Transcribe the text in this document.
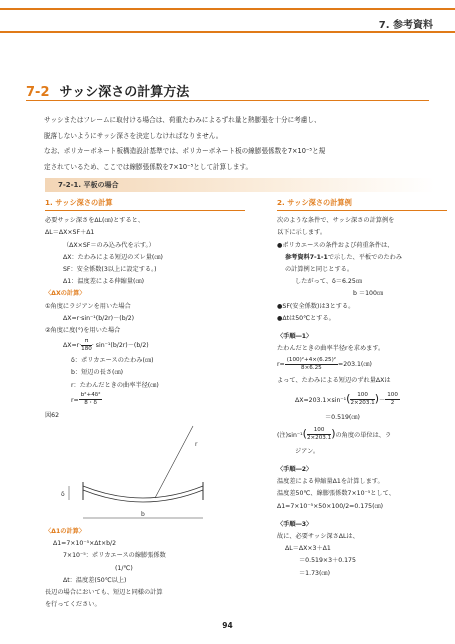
7. 参考資料
7-2 サッシ深さの計算方法
サッシまたはフレームに取付ける場合は、荷重たわみによるずれ量と熱膨張を十分に考慮し、
脱落しないようにサッシ深さを決定しなければなりません。
なお、ポリカーボネート板構造設計基準では、ポリカーボネート板の線膨張係数を7×10⁻⁵と規
定されているため、ここでは線膨張係数を7×10⁻⁵として計算します。
7-2-1. 平板の場合
1. サッシ深さの計算
必要サッシ深さをΔL(㎝)とすると、
ΔL＝ΔX×SF＋Δ1
（ΔX×SF＝のみ込み代を示す。）
ΔX：たわみによる短辺のズレ量(㎝)
SF：安全係数(3以上に設定する。)
Δ1：温度差による伸縮量(㎝)
〈ΔXの計算〉
①角度にラジアンを用いた場合
ΔX=r·sin⁻¹(b/2r)－(b/2)
②角度に度(°)を用いた場合
$\Delta X=r\cdot \frac{\pi}{180}\cdot \sin^{-1}(b/2r)-(b/2)$
δ：ポリカエースのたわみ(㎝)
b：短辺の長さ(㎝)
r：たわんだときの曲率半径(㎝)
$r= \frac{\text{b²+4δ²}}{8・\delta}$
図62
r
b
δ
〈Δ1の計算〉
Δ1=7×10⁻⁵×Δt×b/2
7×10⁻⁵：ポリカエースの線膨張係数
(1/℃)
Δt：温度差(50℃以上)
長辺の場合においても、短辺と同様の計算
を行ってください。
2. サッシ深さの計算例
次のような条件で、サッシ深さの計算例を
以下に示します。
●ポリカエースの条件および荷重条件は、
参考資料7-1-1で示した、平板でのたわみ
の計算例と同じとする。
したがって、δ＝6.25㎝
b ＝100㎝
●SF(安全係数)は3とする。
●Δtは50℃とする。
〈手順―1〉
たわんだときの曲率半径rを求めます。
$r= \frac{\text{(100)²+4×(6.25)²}}{8\times 6.25}=203.1(㎝)$
よって、たわみによる短辺のずれ量ΔXは
$\Delta X=203.1\times\sin^{-1}( \frac{100}{2\times 203.1})- \frac{100}{2}$
＝0.519(㎝)
(注)$\sin^{-1}( \frac{100}{2\times 203.1})$の角度の単位は、ラ
ジアン。
〈手順―2〉
温度差による伸縮量Δ1を計算します。
温度差50℃、線膨張係数7×10⁻⁵として、
Δ1=7×10⁻⁵×50×100/2=0.175(㎝)
〈手順―3〉
故に、必要サッシ深さΔLは、
ΔL＝ΔX×3＋Δ1
＝0.519×3＋0.175
＝1.73(㎝)
94
